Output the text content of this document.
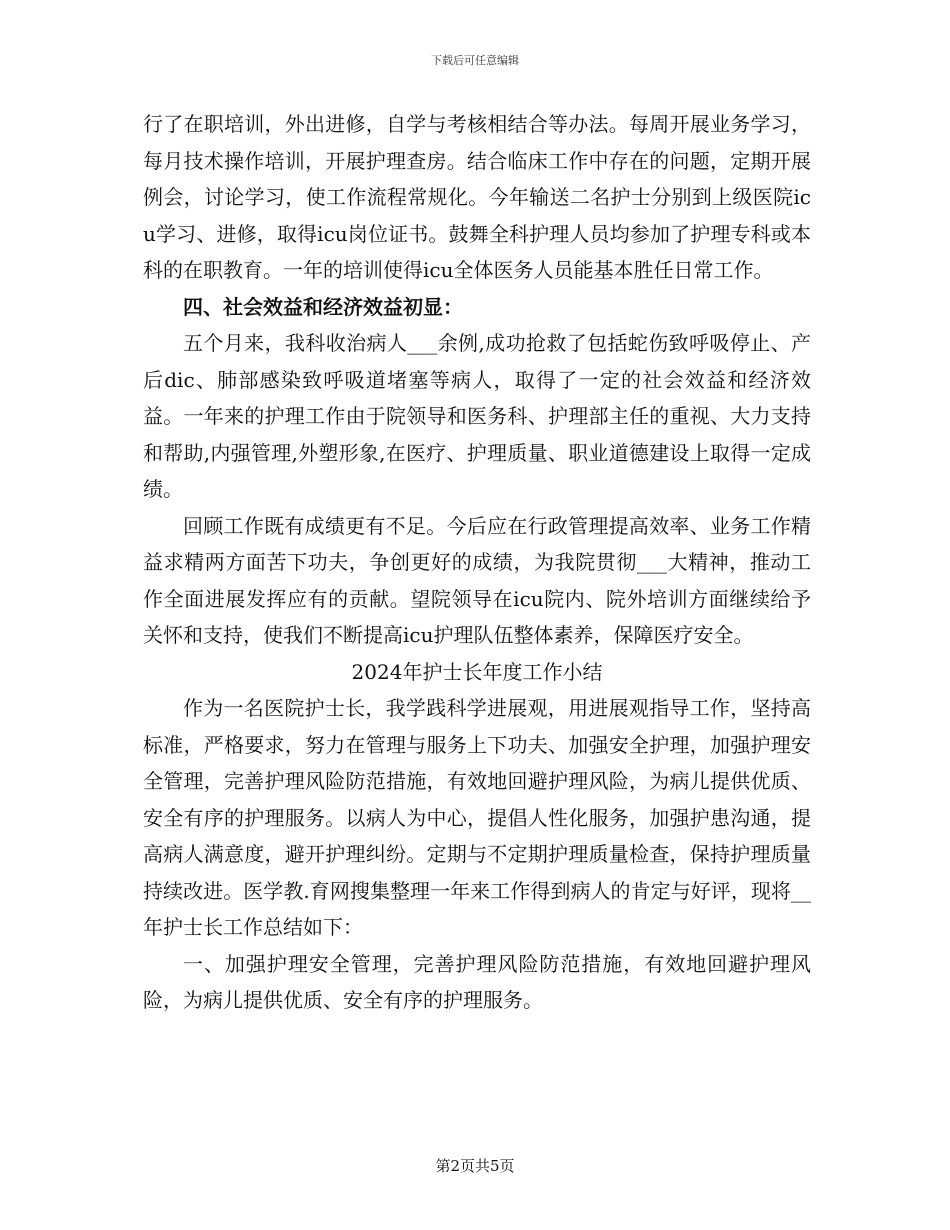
下载后可任意编辑

行了在职培训，外出进修，自学与考核相结合等办法。每周开展业务学习，每月技术操作培训，开展护理查房。结合临床工作中存在的问题，定期开展例会，讨论学习，使工作流程常规化。今年输送二名护士分别到上级医院icu学习、进修，取得icu岗位证书。鼓舞全科护理人员均参加了护理专科或本科的在职教育。一年的培训使得icu全体医务人员能基本胜任日常工作。

四、社会效益和经济效益初显：

五个月来，我科收治病人___余例,成功抢救了包括蛇伤致呼吸停止、产后dic、肺部感染致呼吸道堵塞等病人，取得了一定的社会效益和经济效益。一年来的护理工作由于院领导和医务科、护理部主任的重视、大力支持和帮助,内强管理,外塑形象,在医疗、护理质量、职业道德建设上取得一定成绩。

回顾工作既有成绩更有不足。今后应在行政管理提高效率、业务工作精益求精两方面苦下功夫，争创更好的成绩，为我院贯彻___大精神，推动工作全面进展发挥应有的贡献。望院领导在icu院内、院外培训方面继续给予关怀和支持，使我们不断提高icu护理队伍整体素养，保障医疗安全。

2024年护士长年度工作小结

作为一名医院护士长，我学践科学进展观，用进展观指导工作，坚持高标准，严格要求，努力在管理与服务上下功夫、加强安全护理，加强护理安全管理，完善护理风险防范措施，有效地回避护理风险，为病儿提供优质、安全有序的护理服务。以病人为中心，提倡人性化服务，加强护患沟通，提高病人满意度，避开护理纠纷。定期与不定期护理质量检查，保持护理质量持续改进。医学教.育网搜集整理一年来工作得到病人的肯定与好评，现将__年护士长工作总结如下：

一、加强护理安全管理，完善护理风险防范措施，有效地回避护理风险，为病儿提供优质、安全有序的护理服务。

第2页共5页
